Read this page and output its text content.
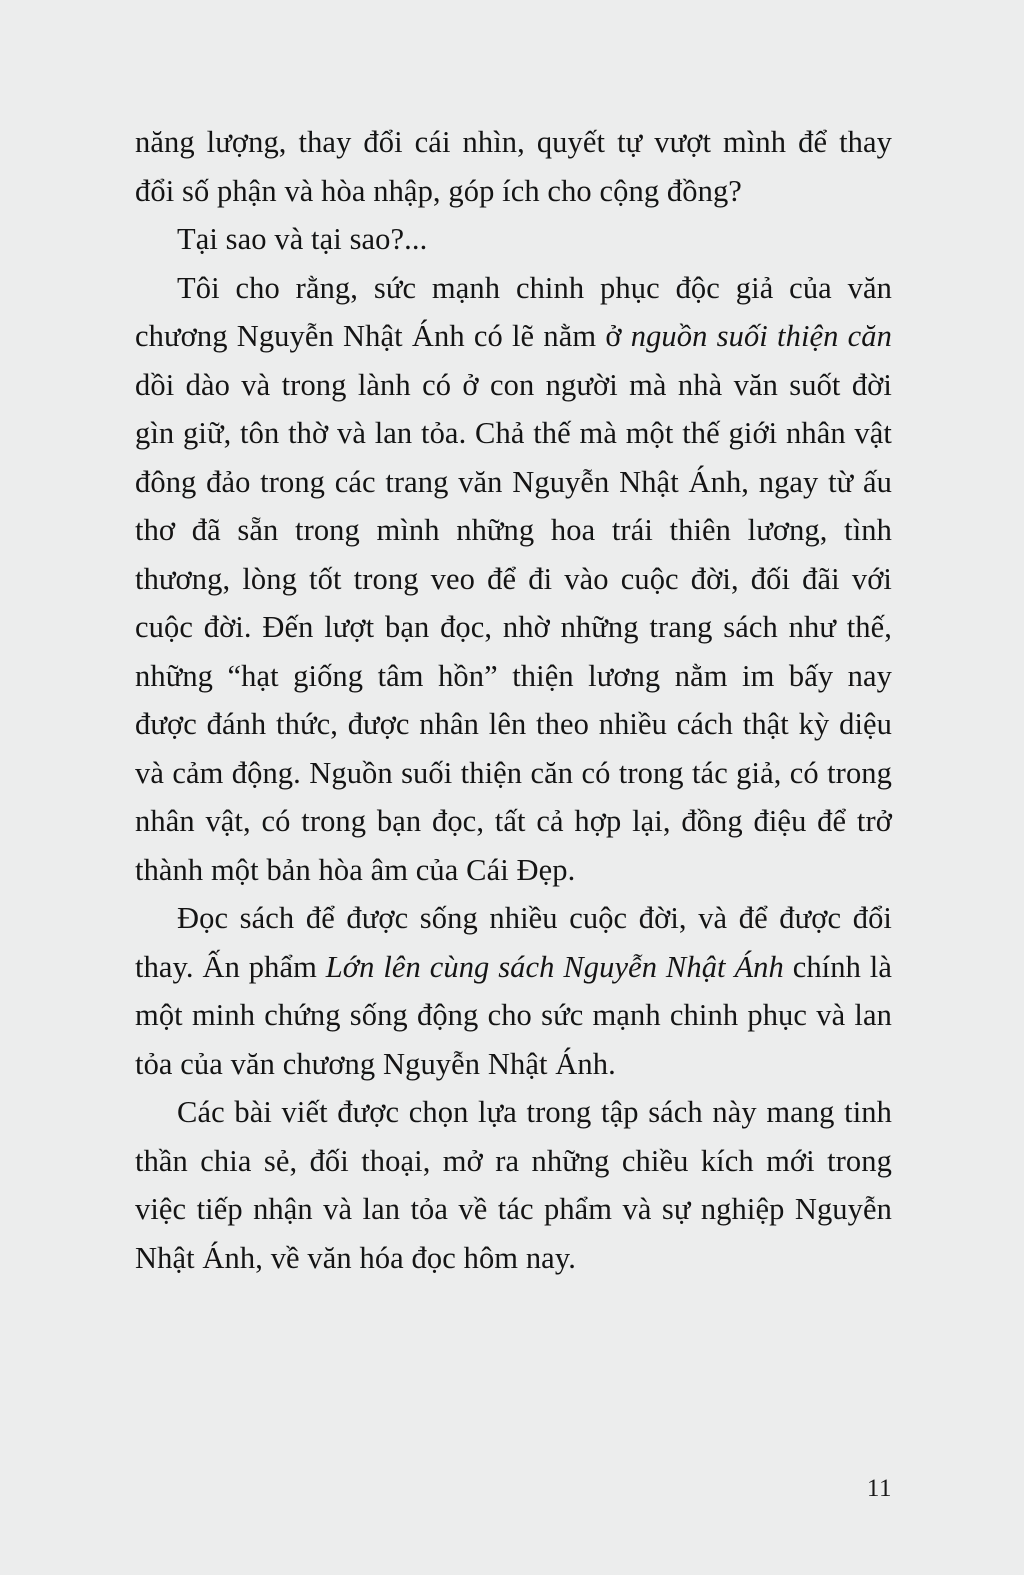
năng lượng, thay đổi cái nhìn, quyết tự vượt mình để thay đổi số phận và hòa nhập, góp ích cho cộng đồng?

Tại sao và tại sao?...

Tôi cho rằng, sức mạnh chinh phục độc giả của văn chương Nguyễn Nhật Ánh có lẽ nằm ở nguồn suối thiện căn dồi dào và trong lành có ở con người mà nhà văn suốt đời gìn giữ, tôn thờ và lan tỏa. Chả thế mà một thế giới nhân vật đông đảo trong các trang văn Nguyễn Nhật Ánh, ngay từ ấu thơ đã sẵn trong mình những hoa trái thiên lương, tình thương, lòng tốt trong veo để đi vào cuộc đời, đối đãi với cuộc đời. Đến lượt bạn đọc, nhờ những trang sách như thế, những “hạt giống tâm hồn” thiện lương nằm im bấy nay được đánh thức, được nhân lên theo nhiều cách thật kỳ diệu và cảm động. Nguồn suối thiện căn có trong tác giả, có trong nhân vật, có trong bạn đọc, tất cả hợp lại, đồng điệu để trở thành một bản hòa âm của Cái Đẹp.

Đọc sách để được sống nhiều cuộc đời, và để được đổi thay. Ấn phẩm Lớn lên cùng sách Nguyễn Nhật Ánh chính là một minh chứng sống động cho sức mạnh chinh phục và lan tỏa của văn chương Nguyễn Nhật Ánh.

Các bài viết được chọn lựa trong tập sách này mang tinh thần chia sẻ, đối thoại, mở ra những chiều kích mới trong việc tiếp nhận và lan tỏa về tác phẩm và sự nghiệp Nguyễn Nhật Ánh, về văn hóa đọc hôm nay.

11
